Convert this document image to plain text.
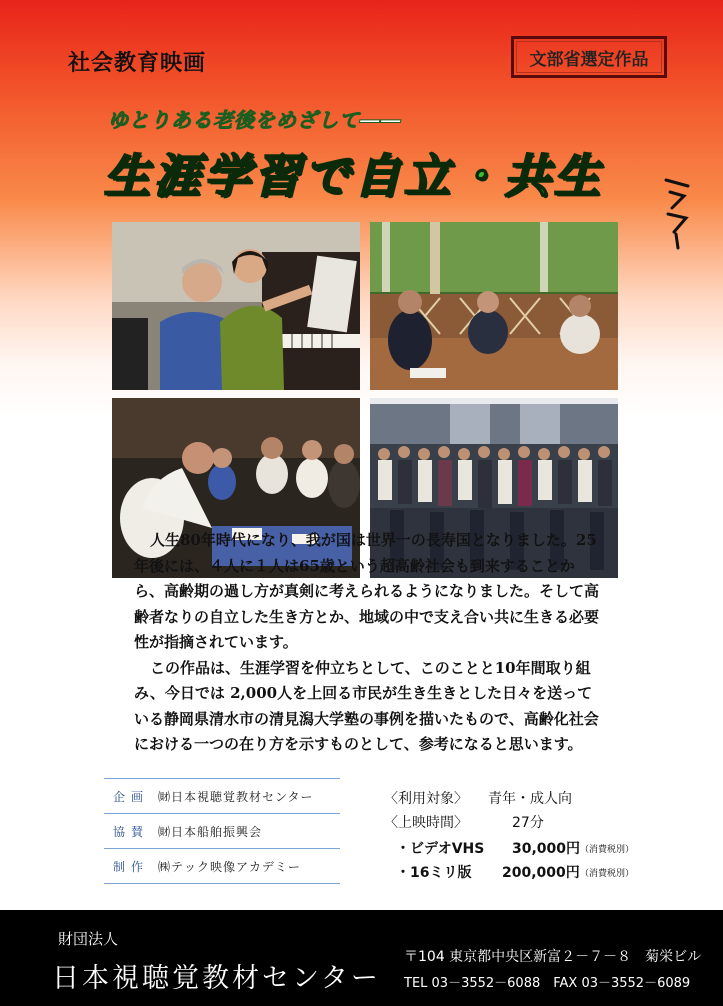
社会教育映画	文部省選定作品
ゆとりある老後をめざして――
生涯学習で自立・共生

人生80年時代になり、我が国は世界一の長寿国となりました。25年後には、４人に１人は65歳という超高齢社会も到来することから、高齢期の過し方が真剣に考えられるようになりました。そして高齢者なりの自立した生き方とか、地域の中で支え合い共に生きる必要性が指摘されています。

この作品は、生涯学習を仲立ちとして、このことと10年間取り組み、今日では 2,000人を上回る市民が生き生きとした日々を送っている静岡県清水市の清見潟大学塾の事例を描いたもので、高齢化社会における一つの在り方を示すものとして、参考になると思います。

企画 ㈶日本視聴覚教材センター
協賛 ㈶日本船舶振興会
制作 ㈱テック映像アカデミー
〈利用対象〉 青年・成人向
〈上映時間〉	27分
・ビデオVHS 30,000円 （消費税別）
・16ミリ版 200,000円 （消費税別）
財団法人
日本視聴覚教材センター
〒104 東京都中央区新富２－７－８　菊栄ビル
TEL 03－3552－6088　FAX 03－3552－6089
